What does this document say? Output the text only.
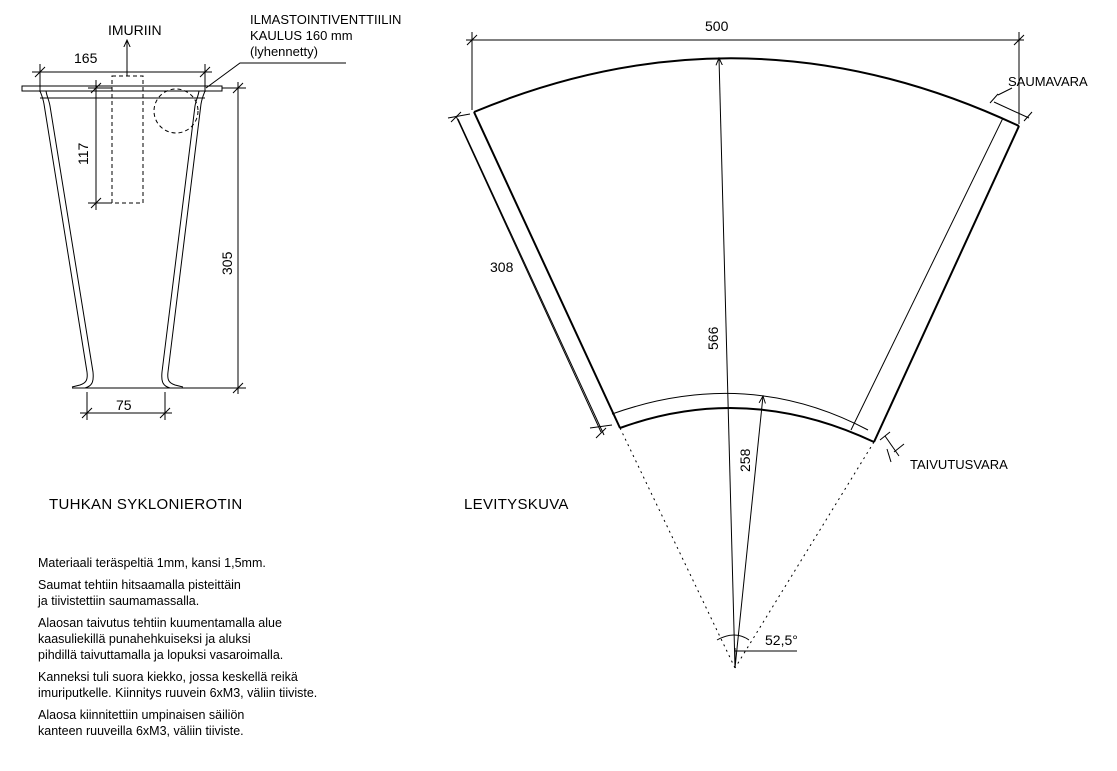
IMURIIN
ILMASTOINTIVENTTIILIN
KAULUS 160 mm
(lyhennetty)
165
117
305
75
500
SAUMAVARA
308
566
258
52,5°
TAIVUTUSVARA
TUHKAN SYKLONIEROTIN	LEVITYSKUVA

Materiaali teräspeltiä 1mm, kansi 1,5mm.

Saumat tehtiin hitsaamalla pisteittäin
ja tiivistettiin saumamassalla.

Alaosan taivutus tehtiin kuumentamalla alue
kaasuliekillä punahehkuiseksi ja aluksi
pihdillä taivuttamalla ja lopuksi vasaroimalla.

Kanneksi tuli suora kiekko, jossa keskellä reikä
imuriputkelle. Kiinnitys ruuvein 6xM3, väliin tiiviste.

Alaosa kiinnitettiin umpinaisen säiliön
kanteen ruuveilla 6xM3, väliin tiiviste.
